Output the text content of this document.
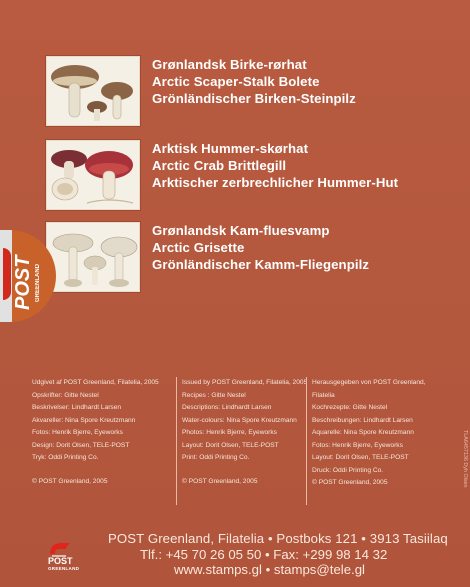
Grønlandsk Birke-rørhat
Arctic Scaper-Stalk Bolete
Grönländischer Birken-Steinpilz
Arktisk Hummer-skørhat
Arctic Crab Brittlegill
Arktischer zerbrechlicher Hummer-Hut
Grønlandsk Kam-fluesvamp
Arctic Grisette
Grönländischer Kamm-Fliegenpilz
POST GREENLAND
Udgivet af POST Greenland, Filatelia, 2005
Opskrifter: Gitte Nestel
Beskrivelser: Lindhardt Larsen
Akvareller: Nina Spore Kreutzmann
Fotos: Henrik Bjerre, Eyeworks
Design: Dorit Olsen, TELE-POST
Tryk: Oddi Printing Co.
© POST Greenland, 2005
Issued by POST Greenland, Filatelia, 2005
Recipes : Gitte Nestel
Descriptions: Lindhardt Larsen
Water-colours: Nina Spore Kreutzmann
Photos: Henrik Bjerre, Eyeworks
Layout: Dorit Olsen, TELE-POST
Print: Oddi Printing Co.
© POST Greenland, 2005
Herausgegeben von POST Greenland,
Filatelia
Kochrezepte: Gitte Nestel
Beschreibungen: Lindhardt Larsen
Aquarelle: Nina Spore Kreutzmann
Fotos: Henrik Bjerre, Eyeworks
Layout: Dorit Olsen, TELE-POST
Druck: Oddi Printing Co.
© POST Greenland, 2005
POST
GREENLAND
POST Greenland, Filatelia • Postboks 121 • 3913 Tasiilaq
Tlf.: +45 70 26 05 50 • Fax: +299 98 14 32
www.stamps.gl • stamps@tele.gl
TLA6457136 Dyh Olsen
